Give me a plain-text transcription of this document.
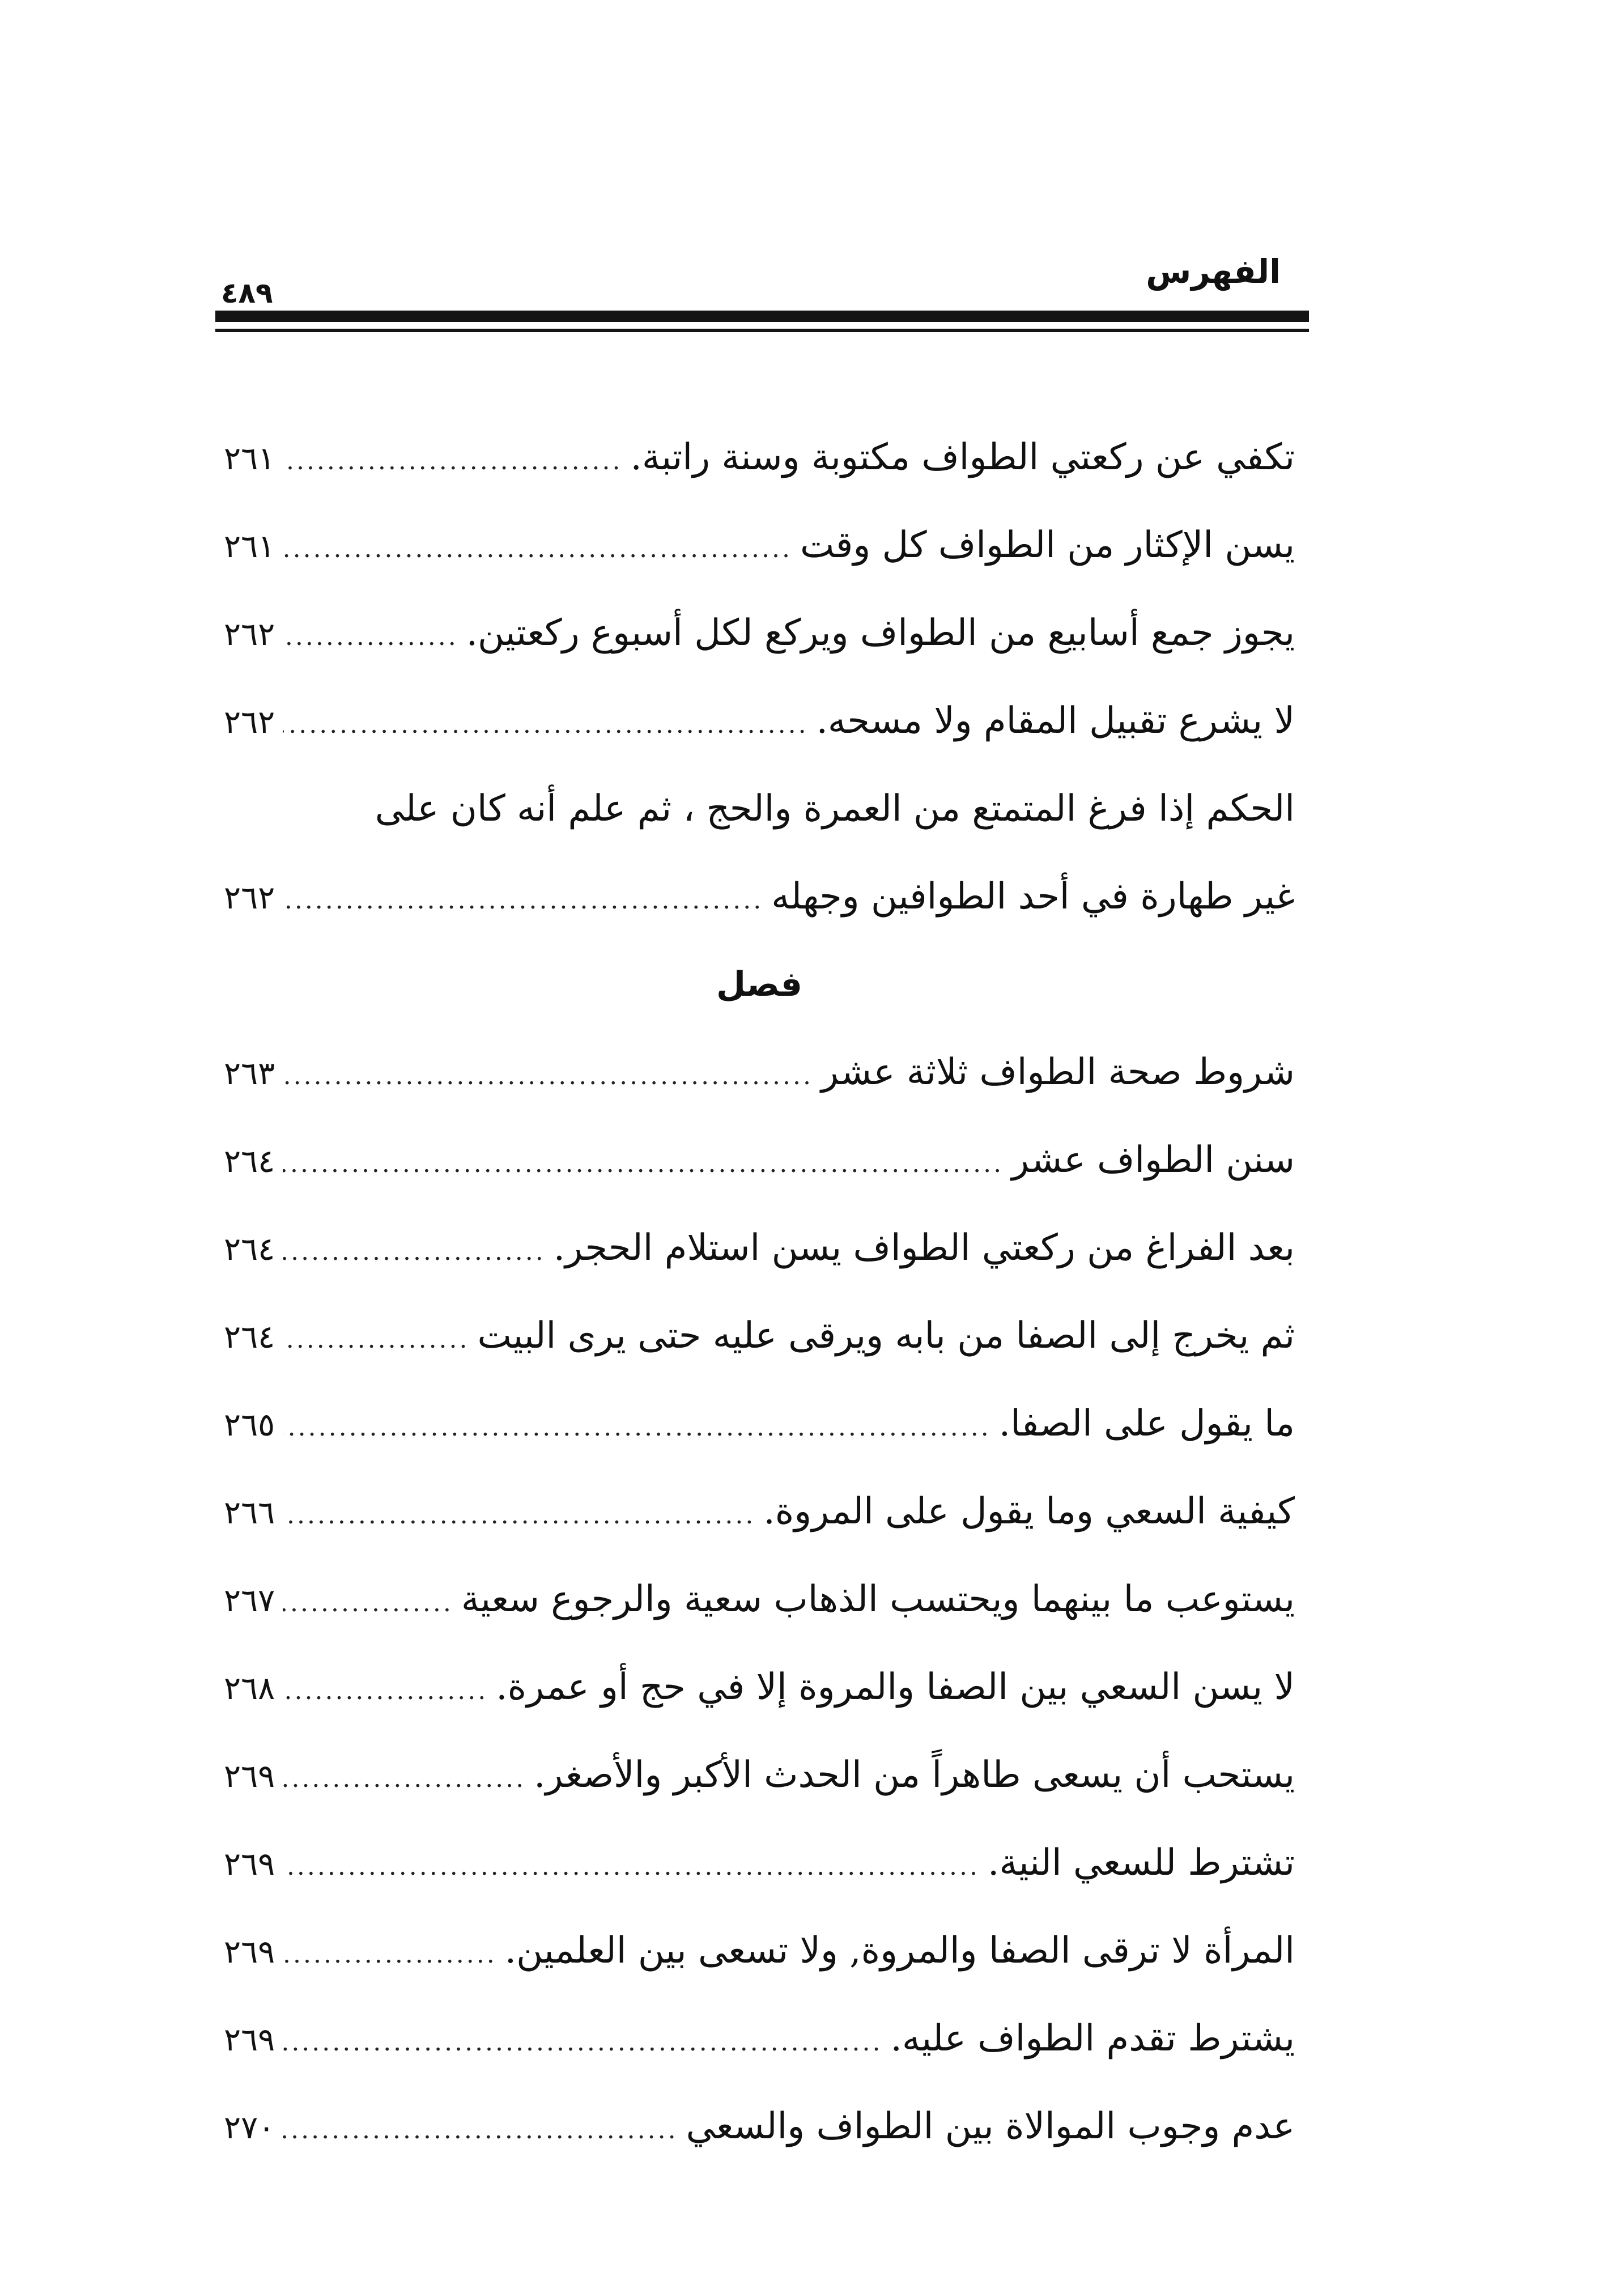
الفهرس
٤٨٩
تكفي عن ركعتي الطواف مكتوبة وسنة راتبة.
.....
٢٦١
يسن الإكثار من الطواف كل وقت
.....
٢٦١
يجوز جمع أسابيع من الطواف ويركع لكل أسبوع ركعتين.
.....
٢٦٢
لا يشرع تقبيل المقام ولا مسحه.
.....
٢٦٢
الحكم إذا فرغ المتمتع من العمرة والحج ، ثم علم أنه كان على
غير طهارة في أحد الطوافين وجهله
.....
٢٦٢
فصل
شروط صحة الطواف ثلاثة عشر
.....
٢٦٣
سنن الطواف عشر
.....
٢٦٤
بعد الفراغ من ركعتي الطواف يسن استلام الحجر.
.....
٢٦٤
ثم يخرج إلى الصفا من بابه ويرقى عليه حتى يرى البيت
.....
٢٦٤
ما يقول على الصفا.
.....
٢٦٥
كيفية السعي وما يقول على المروة.
.....
٢٦٦
يستوعب ما بينهما ويحتسب الذهاب سعية والرجوع سعية
.....
٢٦٧
لا يسن السعي بين الصفا والمروة إلا في حج أو عمرة.
.....
٢٦٨
يستحب أن يسعى طاهراً من الحدث الأكبر والأصغر.
.....
٢٦٩
تشترط للسعي النية.
.....
٢٦٩
المرأة لا ترقى الصفا والمروة, ولا تسعى بين العلمين.
.....
٢٦٩
يشترط تقدم الطواف عليه.
.....
٢٦٩
عدم وجوب الموالاة بين الطواف والسعي
.....
٢٧٠
